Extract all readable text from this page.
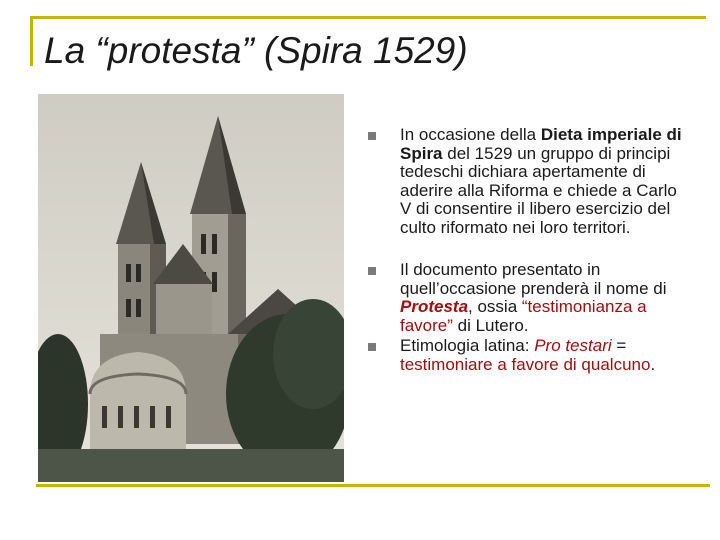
La “protesta” (Spira 1529)
In occasione della Dieta imperiale di Spira del 1529 un gruppo di principi tedeschi dichiara apertamente di aderire alla Riforma e chiede a Carlo V di consentire il libero esercizio del culto riformato nei loro territori.
Il documento presentato in quell’occasione prenderà il nome di Protesta, ossia “testimonianza a favore” di Lutero.
Etimologia latina: Pro testari = testimoniare a favore di qualcuno.
